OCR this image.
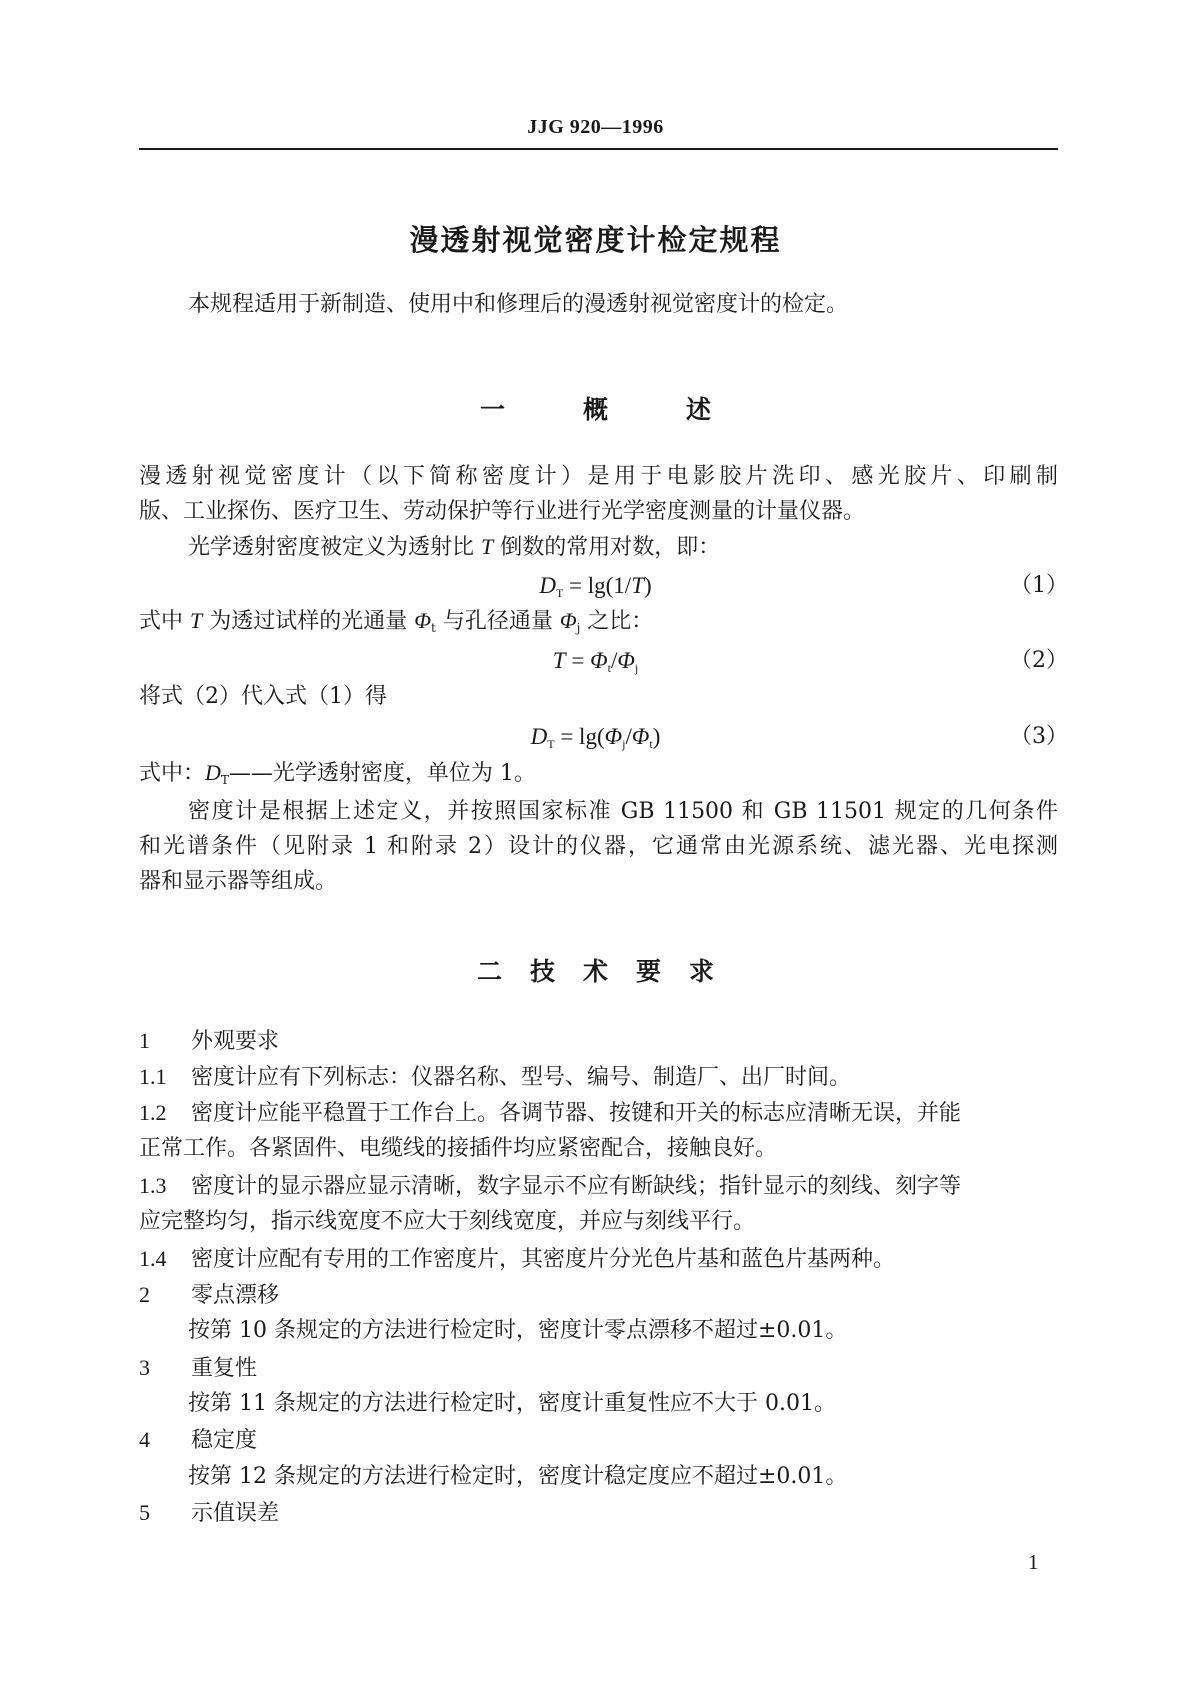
JJG 920—1996
漫透射视觉密度计检定规程
本规程适用于新制造、使用中和修理后的漫透射视觉密度计的检定。
一	概	述
漫透射视觉密度计（以下简称密度计）是用于电影胶片洗印、感光胶片、印刷制
版、工业探伤、医疗卫生、劳动保护等行业进行光学密度测量的计量仪器。
光学透射密度被定义为透射比 T 倒数的常用对数，即：
$D_T = \lg(1/T)$	（1）
式中 T 为透过试样的光通量 $\Phi_t$ 与孔径通量 $\Phi_j$ 之比：
$T = \Phi_t/\Phi_j$	（2）
将式（2）代入式（1）得
$D_T = \lg(\Phi_j/\Phi_t)$	（3）
式中：$D_T——$光学透射密度，单位为 1。
密度计是根据上述定义，并按照国家标准 GB 11500 和 GB 11501 规定的几何条件
和光谱条件（见附录 1 和附录 2）设计的仪器，它通常由光源系统、滤光器、光电探测
器和显示器等组成。
二 技 术 要 求
1 外观要求
1.1 密度计应有下列标志：仪器名称、型号、编号、制造厂、出厂时间。
1.2 密度计应能平稳置于工作台上。各调节器、按键和开关的标志应清晰无误，并能
正常工作。各紧固件、电缆线的接插件均应紧密配合，接触良好。
1.3 密度计的显示器应显示清晰，数字显示不应有断缺线；指针显示的刻线、刻字等
应完整均匀，指示线宽度不应大于刻线宽度，并应与刻线平行。
1.4 密度计应配有专用的工作密度片，其密度片分光色片基和蓝色片基两种。
2 零点漂移
按第 10 条规定的方法进行检定时，密度计零点漂移不超过±0.01。
3 重复性
按第 11 条规定的方法进行检定时，密度计重复性应不大于 0.01。
4 稳定度
按第 12 条规定的方法进行检定时，密度计稳定度应不超过±0.01。
5 示值误差
1
